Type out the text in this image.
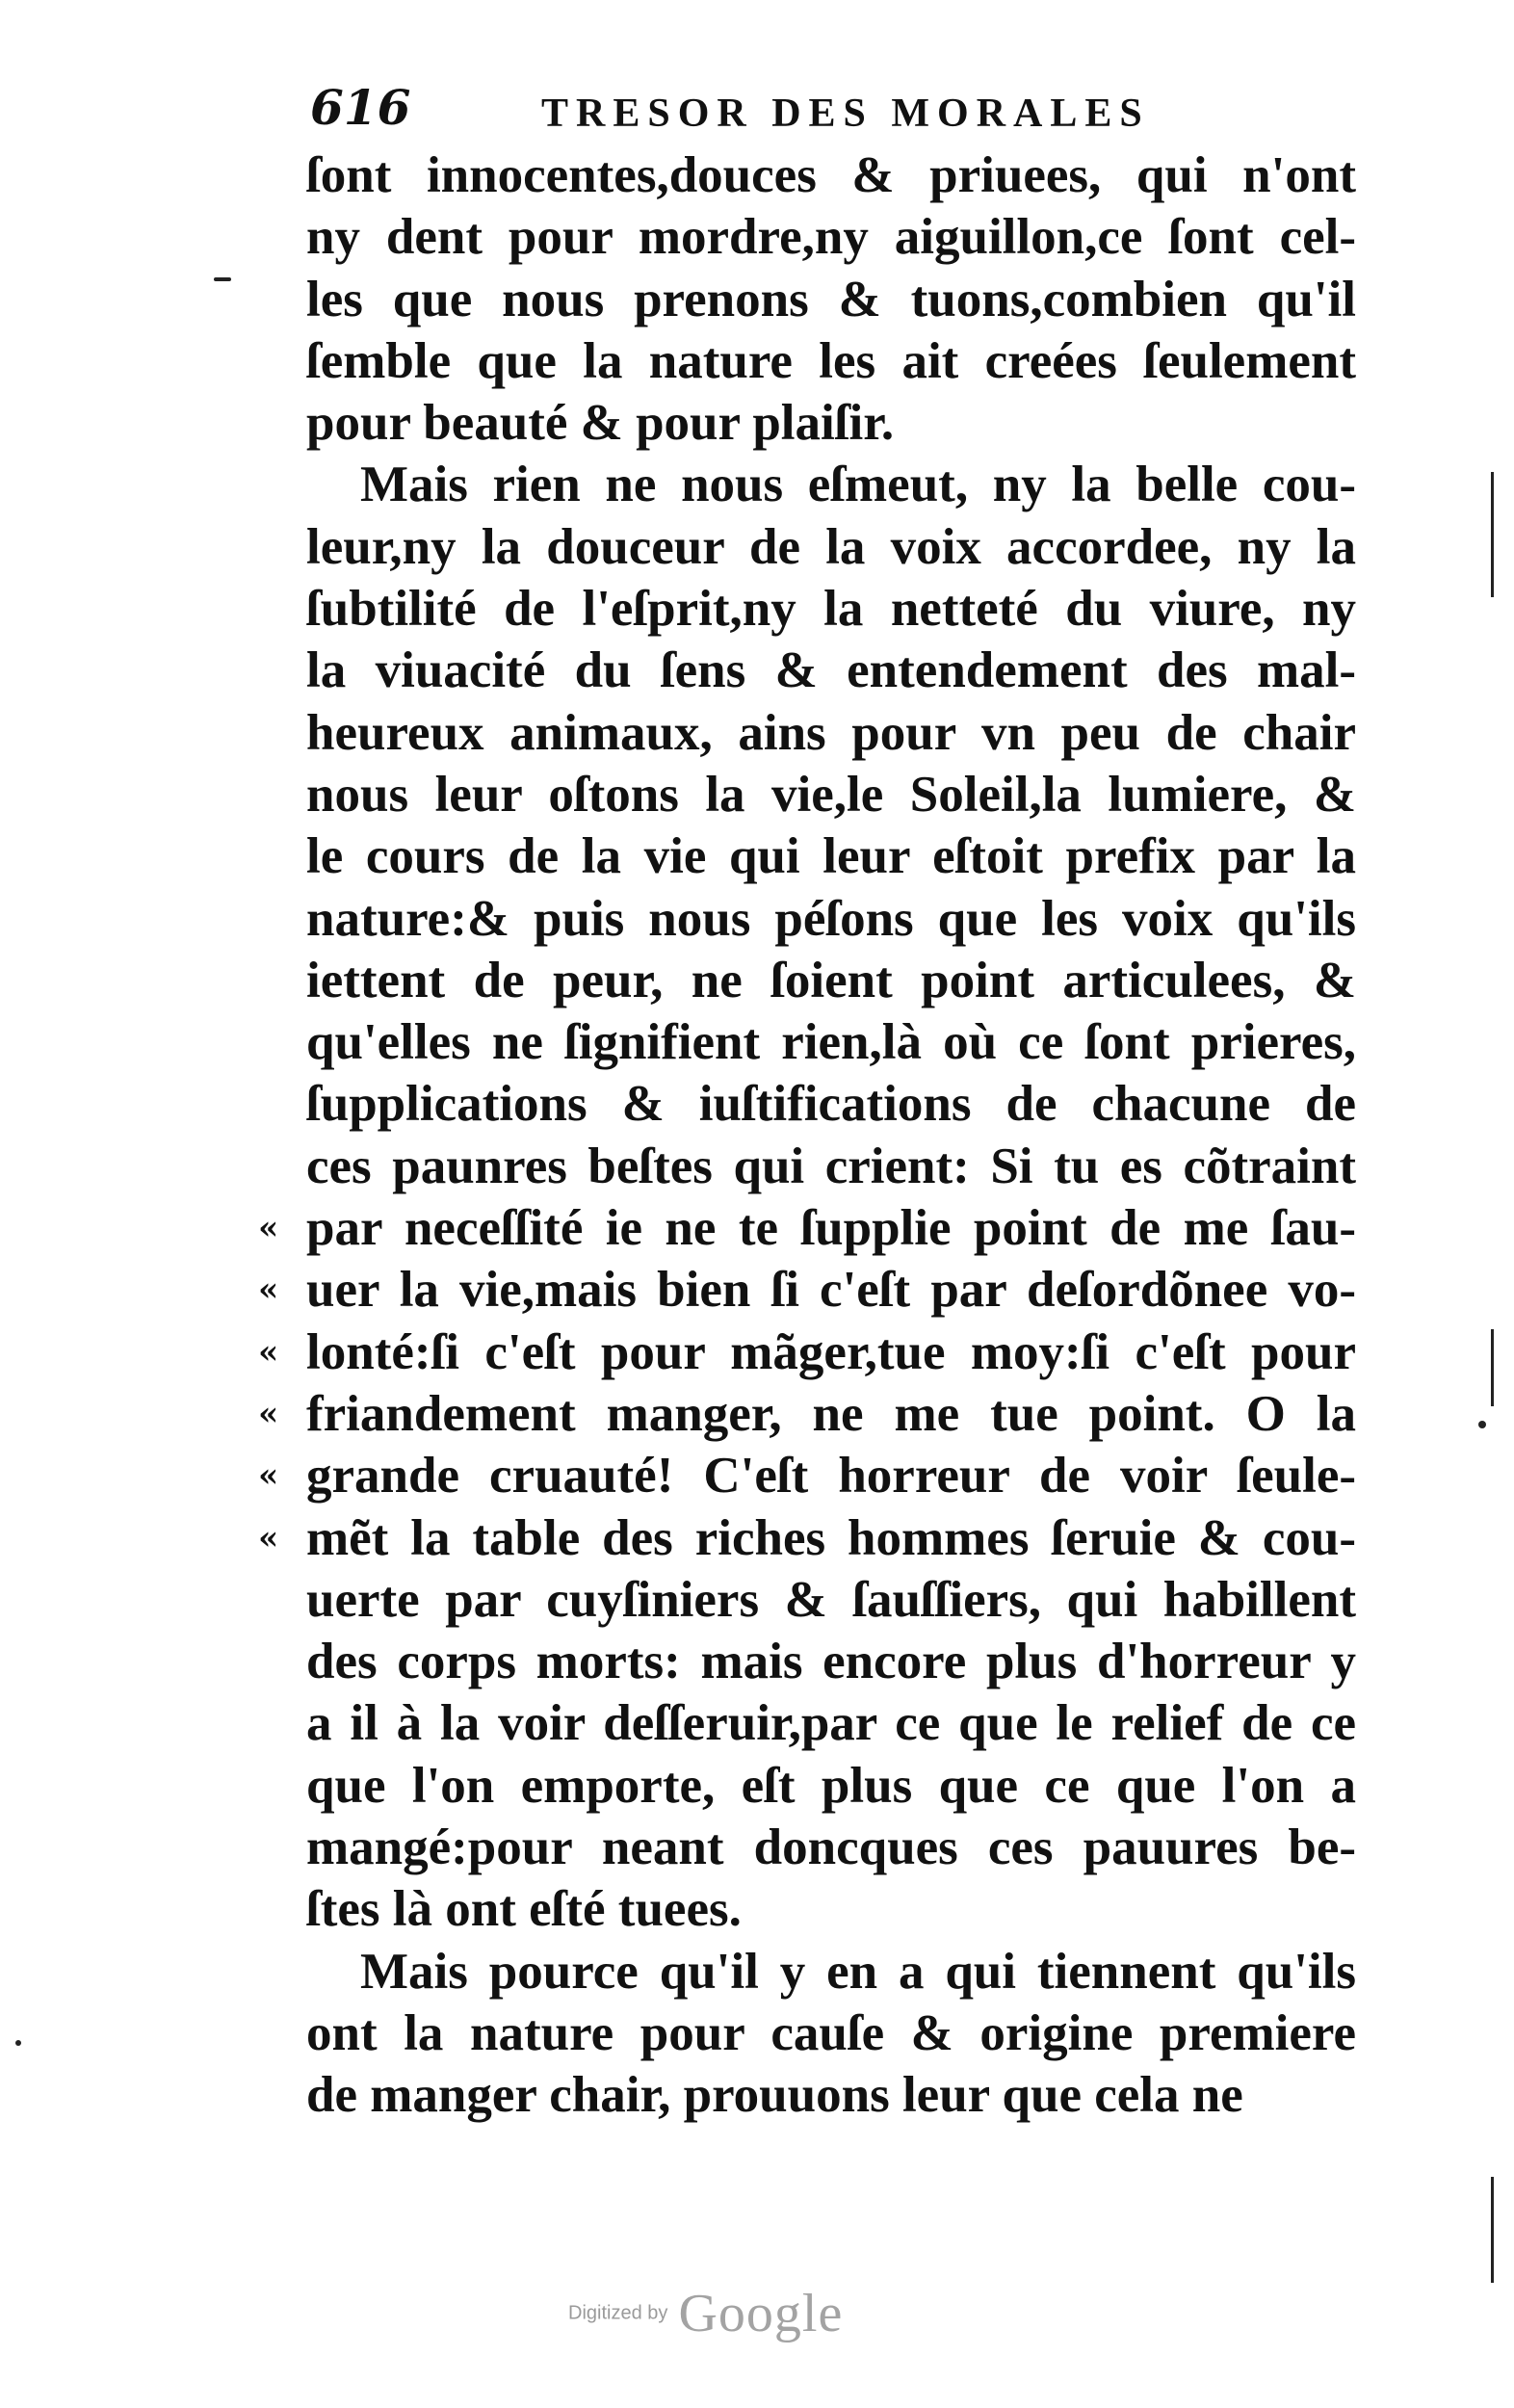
616	TRESOR DES MORALES
ſont innocentes,douces & priuees, qui n'ont
ny dent pour mordre,ny aiguillon,ce ſont cel-
les que nous prenons & tuons,combien qu'il
ſemble que la nature les ait creées ſeulement
pour beauté & pour plaiſir.
Mais rien ne nous eſmeut, ny la belle cou-
leur,ny la douceur de la voix accordee, ny la
ſubtilité de l'eſprit,ny la netteté du viure, ny
la viuacité du ſens & entendement des mal-
heureux animaux, ains pour vn peu de chair
nous leur oſtons la vie,le Soleil,la lumiere, &
le cours de la vie qui leur eſtoit prefix par la
nature:& puis nous péſons que les voix qu'ils
iettent de peur, ne ſoient point articulees, &
qu'elles ne ſignifient rien,là où ce ſont prieres,
ſupplications & iuſtifications de chacune de
ces paunres beſtes qui crient: Si tu es cõtraint
« par neceſſité ie ne te ſupplie point de me ſau-
« uer la vie,mais bien ſi c'eſt par deſordõnee vo-
« lonté:ſi c'eſt pour mãger,tue moy:ſi c'eſt pour
« friandement manger, ne me tue point. O la
« grande cruauté! C'eſt horreur de voir ſeule-
« mẽt la table des riches hommes ſeruie & cou-
uerte par cuyſiniers & ſauſſiers, qui habillent
des corps morts: mais encore plus d'horreur y
a il à la voir deſſeruir,par ce que le relief de ce
que l'on emporte, eſt plus que ce que l'on a
mangé:pour neant doncques ces pauures be-
ſtes là ont eſté tuees.
Mais pource qu'il y en a qui tiennent qu'ils
ont la nature pour cauſe & origine premiere
de manger chair, prouuons leur que cela ne
Digitized by Google
